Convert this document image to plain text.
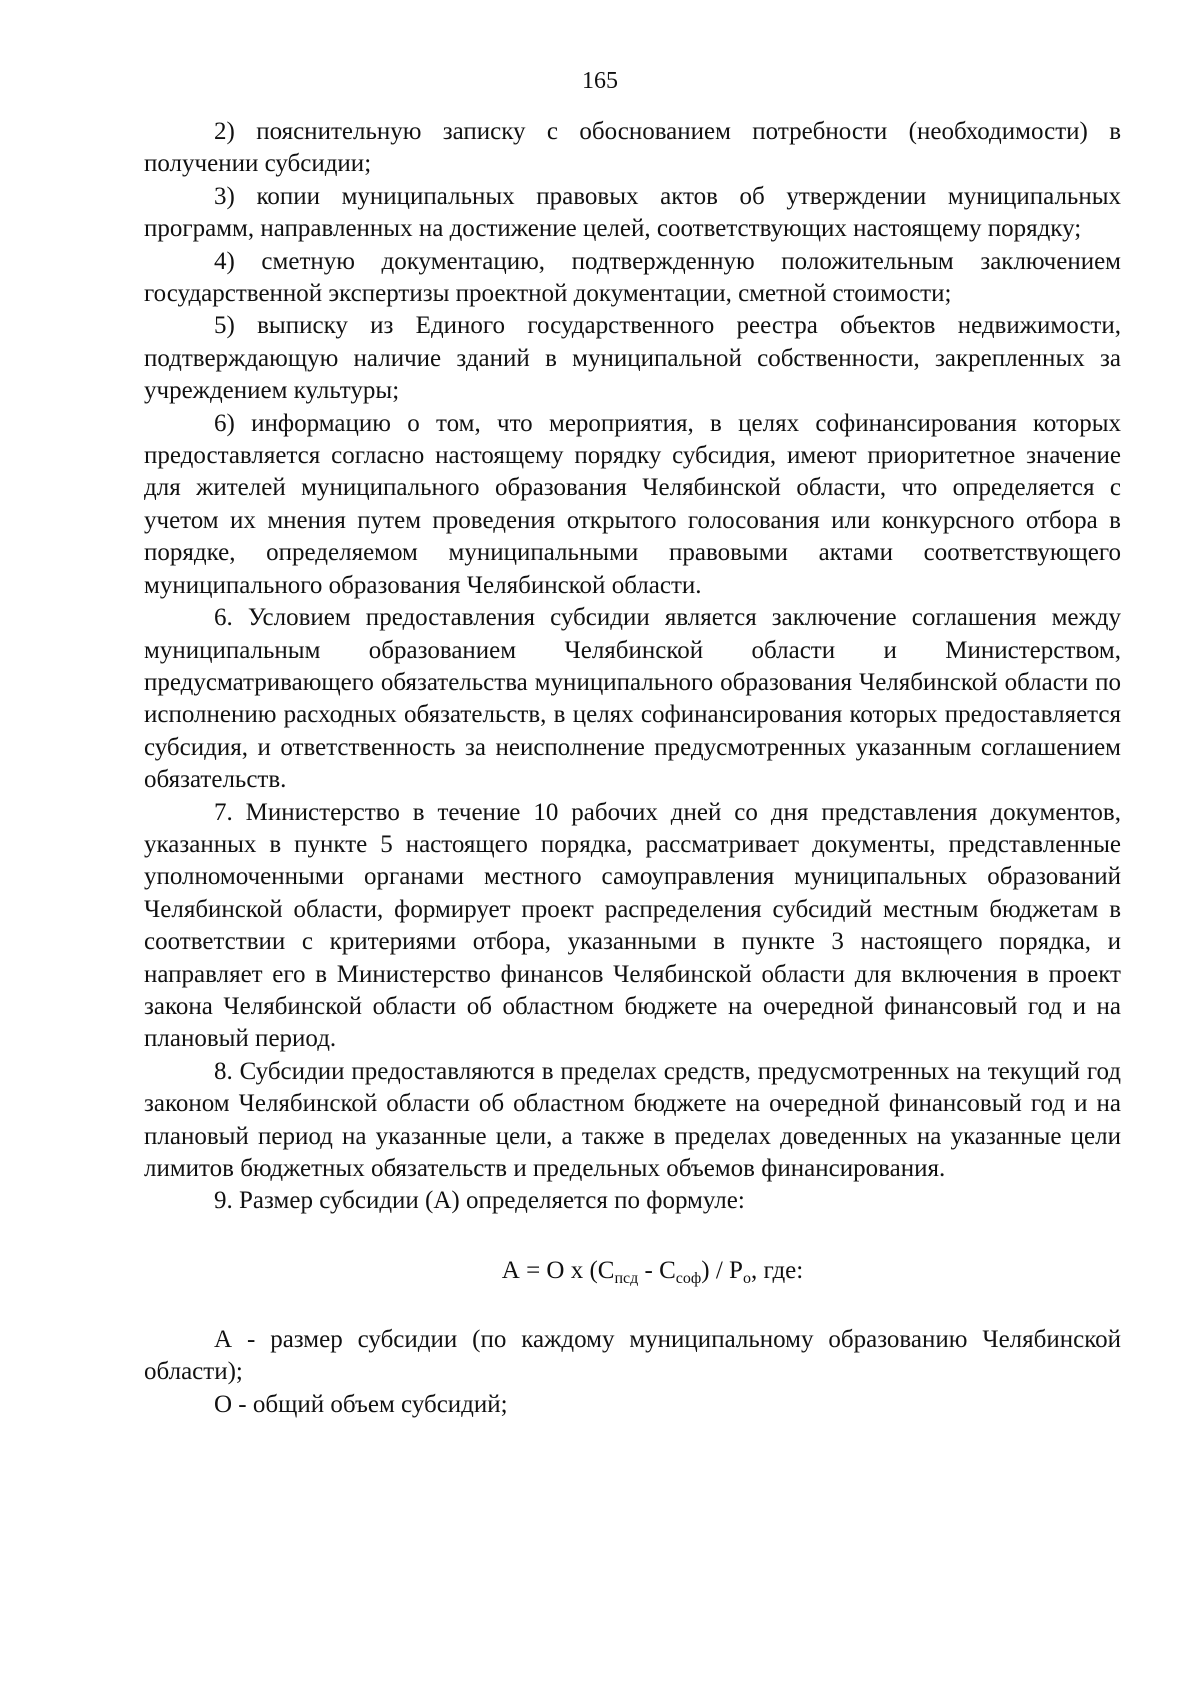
165

2) пояснительную записку с обоснованием потребности (необходимости) в получении субсидии;

3) копии муниципальных правовых актов об утверждении муниципальных программ, направленных на достижение целей, соответствующих настоящему порядку;

4) сметную документацию, подтвержденную положительным заключением государственной экспертизы проектной документации, сметной стоимости;

5) выписку из Единого государственного реестра объектов недвижимости, подтверждающую наличие зданий в муниципальной собственности, закрепленных за учреждением культуры;

6) информацию о том, что мероприятия, в целях софинансирования которых предоставляется согласно настоящему порядку субсидия, имеют приоритетное значение для жителей муниципального образования Челябинской области, что определяется с учетом их мнения путем проведения открытого голосования или конкурсного отбора в порядке, определяемом муниципальными правовыми актами соответствующего муниципального образования Челябинской области.

6. Условием предоставления субсидии является заключение соглашения между муниципальным образованием Челябинской области и Министерством, предусматривающего обязательства муниципального образования Челябинской области по исполнению расходных обязательств, в целях софинансирования которых предоставляется субсидия, и ответственность за неисполнение предусмотренных указанным соглашением обязательств.

7. Министерство в течение 10 рабочих дней со дня представления документов, указанных в пункте 5 настоящего порядка, рассматривает документы, представленные уполномоченными органами местного самоуправления муниципальных образований Челябинской области, формирует проект распределения субсидий местным бюджетам в соответствии с критериями отбора, указанными в пункте 3 настоящего порядка, и направляет его в Министерство финансов Челябинской области для включения в проект закона Челябинской области об областном бюджете на очередной финансовый год и на плановый период.

8. Субсидии предоставляются в пределах средств, предусмотренных на текущий год законом Челябинской области об областном бюджете на очередной финансовый год и на плановый период на указанные цели, а также в пределах доведенных на указанные цели лимитов бюджетных обязательств и предельных объемов финансирования.

9. Размер субсидии (А) определяется по формуле:

А = О х $(С_{псд} - С_{соф}) / Р_о$, где:

А - размер субсидии (по каждому муниципальному образованию Челябинской области);

О - общий объем субсидий;
